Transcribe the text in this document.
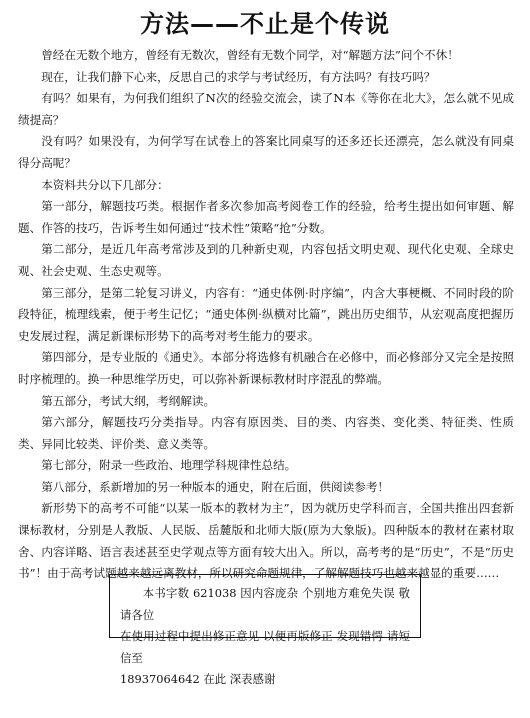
方法——不止是个传说

曾经在无数个地方，曾经有无数次，曾经有无数个同学，对“解题方法”问个不休！

现在，让我们静下心来，反思自己的求学与考试经历，有方法吗？有技巧吗？

有吗？如果有，为何我们组织了N次的经验交流会，读了N本《等你在北大》，怎么就不见成绩提高？

没有吗？如果没有，为何学写在试卷上的答案比同桌写的还多还长还漂亮，怎么就没有同桌得分高呢？

本资料共分以下几部分：

第一部分，解题技巧类。根据作者多次参加高考阅卷工作的经验，给考生提出如何审题、解题、作答的技巧，告诉考生如何通过“技术性”策略“抢”分数。

第二部分，是近几年高考常涉及到的几种新史观，内容包括文明史观、现代化史观、全球史观、社会史观、生态史观等。

第三部分，是第二轮复习讲义，内容有：“通史体例·时序编”，内含大事梗概、不同时段的阶段特征，梳理线索，便于考生记忆；“通史体例·纵横对比篇”，跳出历史细节，从宏观高度把握历史发展过程，满足新课标形势下的高考对考生能力的要求。

第四部分，是专业版的《通史》。本部分将选修有机融合在必修中，而必修部分又完全是按照时序梳理的。换一种思维学历史，可以弥补新课标教材时序混乱的弊端。

第五部分，考试大纲，考纲解读。

第六部分，解题技巧分类指导。内容有原因类、目的类、内容类、变化类、特征类、性质类、异同比较类、评价类、意义类等。

第七部分，附录一些政治、地理学科规律性总结。

第八部分，系新增加的另一种版本的通史，附在后面，供阅读参考！

新形势下的高考不可能“以某一版本的教材为主”，因为就历史学科而言，全国共推出四套新课标教材，分别是人教版、人民版、岳麓版和北师大版(原为大象版)。四种版本的教材在素材取舍、内容详略、语言表述甚至史学观点等方面有较大出入。所以，高考考的是“历史”，不是“历史书”！由于高考试题越来越远离教材，所以研究命题规律，了解解题技巧也越来越显的重要……

本书字数 621038 因内容庞杂 个别地方难免失误 敬请各位

在使用过程中提出修正意见 以便再版修正 发现错愕 请短信至

18937064642 在此 深表感谢
